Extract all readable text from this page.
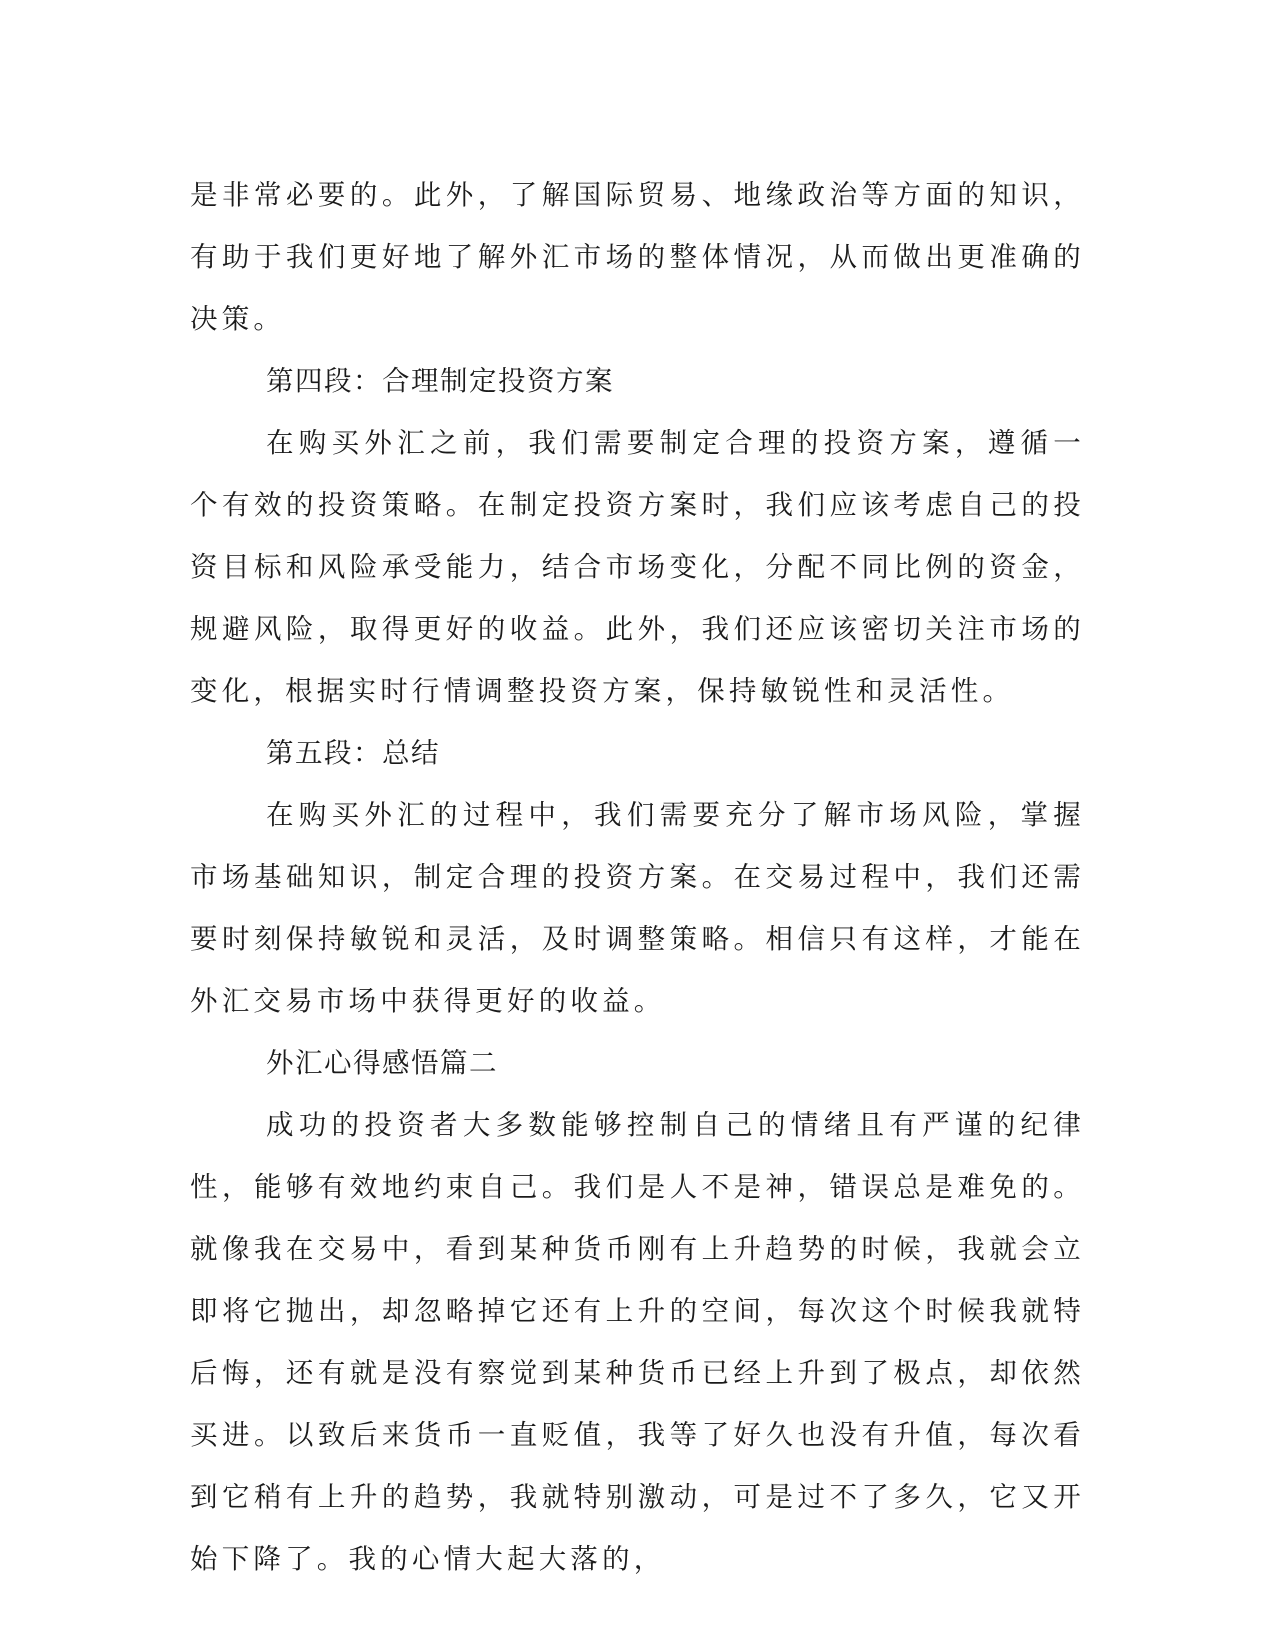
是非常必要的。此外，了解国际贸易、地缘政治等方面的知识，有助于我们更好地了解外汇市场的整体情况，从而做出更准确的决策。

第四段：合理制定投资方案

在购买外汇之前，我们需要制定合理的投资方案，遵循一个有效的投资策略。在制定投资方案时，我们应该考虑自己的投资目标和风险承受能力，结合市场变化，分配不同比例的资金，规避风险，取得更好的收益。此外，我们还应该密切关注市场的变化，根据实时行情调整投资方案，保持敏锐性和灵活性。

第五段：总结

在购买外汇的过程中，我们需要充分了解市场风险，掌握市场基础知识，制定合理的投资方案。在交易过程中，我们还需要时刻保持敏锐和灵活，及时调整策略。相信只有这样，才能在外汇交易市场中获得更好的收益。

外汇心得感悟篇二

成功的投资者大多数能够控制自己的情绪且有严谨的纪律性，能够有效地约束自己。我们是人不是神，错误总是难免的。就像我在交易中，看到某种货币刚有上升趋势的时候，我就会立即将它抛出，却忽略掉它还有上升的空间，每次这个时候我就特后悔，还有就是没有察觉到某种货币已经上升到了极点，却依然买进。以致后来货币一直贬值，我等了好久也没有升值，每次看到它稍有上升的趋势，我就特别激动，可是过不了多久，它又开始下降了。我的心情大起大落的，
